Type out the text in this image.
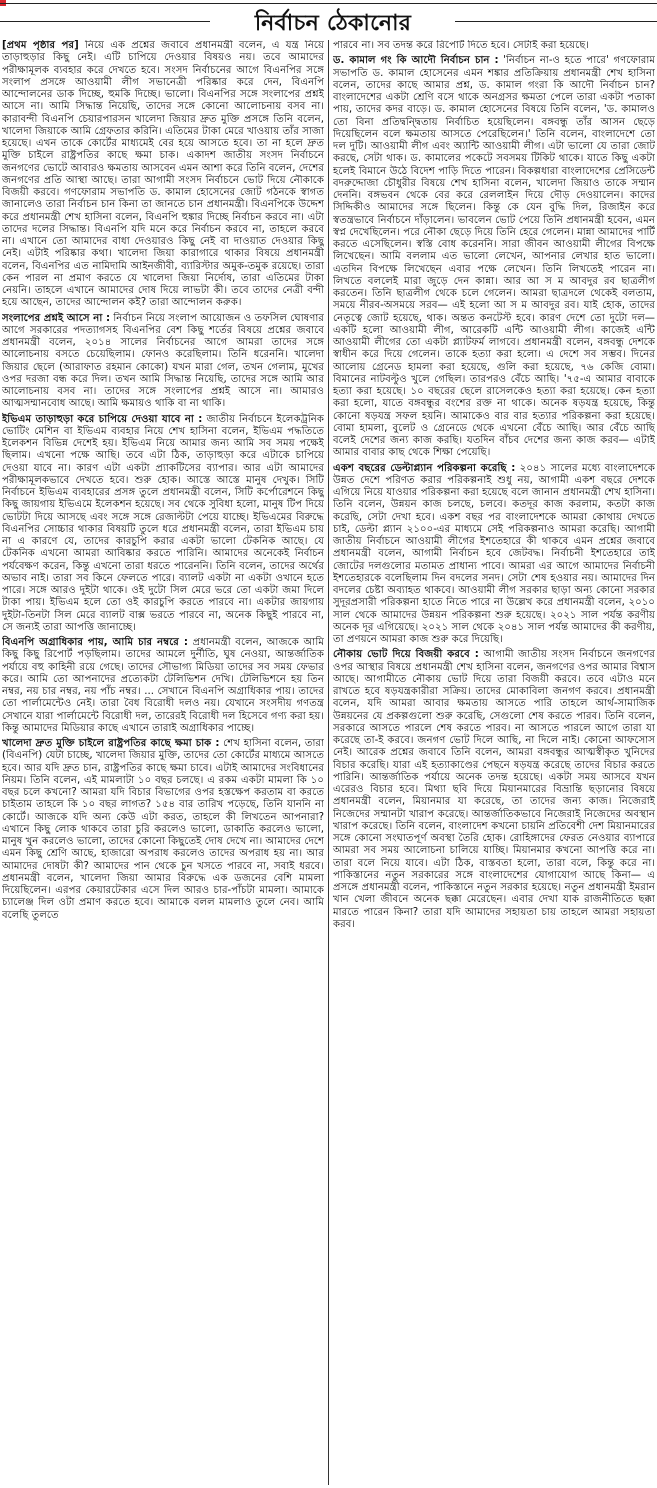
নির্বাচন ঠেকানোর

[প্রথম পৃষ্ঠার পর] নিয়ে এক প্রশ্নের জবাবে প্রধানমন্ত্রী বলেন, এ যন্ত্র নিয়ে তাড়াহুড়ার কিছু নেই। এটি চাপিয়ে দেওয়ার বিষয়ও নয়। তবে আমাদের পরীক্ষামূলক ব্যবহার করে দেখতে হবে। সংসদ নির্বাচনের আগে বিএনপির সঙ্গে সংলাপ প্রসঙ্গে আওয়ামী লীগ সভানেত্রী পরিষ্কার করে দেন, বিএনপি আন্দোলনের ডাক দিচ্ছে, হুমকি দিচ্ছে। ভালো। বিএনপির সঙ্গে সংলাপের প্রশ্নই আসে না। আমি সিদ্ধান্ত নিয়েছি, তাদের সঙ্গে কোনো আলোচনায় বসব না। কারাবন্দী বিএনপি চেয়ারপারসন খালেদা জিয়ার দ্রুত মুক্তি প্রসঙ্গে তিনি বলেন, খালেদা জিয়াকে আমি গ্রেফতার করিনি। এতিমের টাকা মেরে খাওয়ায় তাঁর সাজা হয়েছে। এখন তাকে কোর্টের মাধ্যমেই বের হয়ে আসতে হবে। তা না হলে দ্রুত মুক্তি চাইলে রাষ্ট্রপতির কাছে ক্ষমা চাক। একাদশ জাতীয় সংসদ নির্বাচনে জনগণের ভোটে আবারও ক্ষমতায় আসবেন এমন আশা করে তিনি বলেন, দেশের জনগণের প্রতি আস্থা আছে। তারা আগামী সংসদ নির্বাচনে ভোট দিয়ে নৌকাকে বিজয়ী করবে। গণফোরাম সভাপতি ড. কামাল হোসেনের জোট গঠনকে স্বাগত জানালেও তারা নির্বাচন চান কিনা তা জানতে চান প্রধানমন্ত্রী। বিএনপিকে উদ্দেশ করে প্রধানমন্ত্রী শেখ হাসিনা বলেন, বিএনপি হুঙ্কার দিচ্ছে নির্বাচন করবে না। এটা তাদের দলের সিদ্ধান্ত। বিএনপি যদি মনে করে নির্বাচন করবে না, তাহলে করবে না। এখানে তো আমাদের বাধা দেওয়ারও কিছু নেই বা দাওয়াত দেওয়ার কিছু নেই। এটাই পরিষ্কার কথা। খালেদা জিয়া কারাগারে থাকার বিষয়ে প্রধানমন্ত্রী বলেন, বিএনপির এত নামিদামি আইনজীবী, ব্যারিস্টার অমুক-তমুক রয়েছে। তারা কেন পারল না প্রমাণ করতে যে খালেদা জিয়া নির্দোষ, তারা এতিমের টাকা নেয়নি। তাহলে এখানে আমাদের দোষ দিয়ে লাভটা কী। তবে তাদের নেত্রী বন্দী হয়ে আছেন, তাদের আন্দোলন কই? তারা আন্দোলন করুক।

সংলাপের প্রশ্নই আসে না : নির্বাচন নিয়ে সংলাপ আয়োজন ও তফসিল ঘোষণার আগে সরকারের পদত্যাগসহ বিএনপির বেশ কিছু শর্তের বিষয়ে প্রশ্নের জবাবে প্রধানমন্ত্রী বলেন, ২০১৪ সালের নির্বাচনের আগে আমরা তাদের সঙ্গে আলোচনায় বসতে চেয়েছিলাম। ফোনও করেছিলাম। তিনি ধরেননি। খালেদা জিয়ার ছেলে (আরাফাত রহমান কোকো) যখন মারা গেল, তখন গেলাম, মুখের ওপর দরজা বন্ধ করে দিল। তখন আমি সিদ্ধান্ত নিয়েছি, তাদের সঙ্গে আমি আর আলোচনায় বসব না। তাদের সঙ্গে সংলাপের প্রশ্নই আসে না। আমারও আত্মসম্মানবোধ আছে। আমি ক্ষমায়ও থাকি বা না থাকি।

ইভিএম তাড়াহুড়া করে চাপিয়ে দেওয়া যাবে না : জাতীয় নির্বাচনে ইলেকট্রনিক ভোটিং মেশিন বা ইভিএম ব্যবহার নিয়ে শেখ হাসিনা বলেন, ইভিএম পদ্ধতিতে ইলেকশন বিভিন্ন দেশেই হয়। ইভিএম নিয়ে আমার জন্য আমি সব সময় পক্ষেই ছিলাম। এখনো পক্ষে আছি। তবে এটা ঠিক, তাড়াহুড়া করে এটাকে চাপিয়ে দেওয়া যাবে না। কারণ এটা একটা প্র্যাকটিসের ব্যাপার। আর এটা আমাদের পরীক্ষামূলকভাবে দেখতে হবে। শুরু হোক। আস্তে আস্তে মানুষ দেখুক। সিটি নির্বাচনে ইভিএম ব্যবহারের প্রসঙ্গ তুলে প্রধানমন্ত্রী বলেন, সিটি কর্পোরেশনে কিছু কিছু জায়গায় ইভিএমে ইলেকশন হয়েছে। সব থেকে সুবিধা হলো, মানুষ টিপ দিয়ে ভোটটা দিয়ে আসছে এবং সঙ্গে সঙ্গে রেজাল্টটা পেয়ে যাচ্ছে। ইভিএমের বিরুদ্ধে বিএনপির সোচ্চার থাকার বিষয়টি তুলে ধরে প্রধানমন্ত্রী বলেন, তারা ইভিএম চায় না এ কারণে যে, তাদের কারচুপি করার একটা ভালো টেকনিক আছে। যে টেকনিক এখনো আমরা আবিষ্কার করতে পারিনি। আমাদের অনেকেই নির্বাচন পর্যবেক্ষণ করেন, কিন্তু এখনো তারা ধরতে পারেননি। তিনি বলেন, তাদের অর্থের অভাব নাই। তারা সব কিনে ফেলতে পারে। ব্যালট একটা না একটা ওখানে হতে পারে। সঙ্গে আরও দুইটা থাকে। ওই দুটো সিল মেরে ভরে তো একটা জমা দিলে টাকা পায়। ইভিএম হলে তো ওই কারচুপি করতে পারবে না। একটার জায়গায় দুইটা-তিনটা সিল মেরে ব্যালট বাক্স ভরতে পারবে না, অনেক কিছুই পারবে না, সে জন্যই তারা আপত্তি জানাচ্ছে।

বিএনপি অগ্রাধিকার পায়, আমি চার নম্বরে : প্রধানমন্ত্রী বলেন, আজকে আমি কিছু কিছু রিপোর্ট পড়ছিলাম। তাদের আমলে দুর্নীতি, ঘুষ নেওয়া, আন্তর্জাতিক পর্যায়ে বহু কাহিনী রয়ে গেছে। তাদের সৌভাগ্য মিডিয়া তাদের সব সময় ফেভার করে। আমি তো আপনাদের প্রত্যেকটা টেলিভিশন দেখি। টেলিভিশনে হয় তিন নম্বর, নয় চার নম্বর, নয় পাঁচ নম্বর। ... সেখানে বিএনপি অগ্রাধিকার পায়। তাদের তো পার্লামেন্টেও নেই। তারা বৈধ বিরোধী দলও নয়। যেখানে সংসদীয় গণতন্ত্র সেখানে যারা পার্লামেন্টে বিরোধী দল, তারেরই বিরোধী দল হিসেবে গণ্য করা হয়। কিন্তু আমাদের মিডিয়ার কাছে এখানে তারাই অগ্রাধিকার পাচ্ছে।

খালেদা দ্রুত মুক্তি চাইলে রাষ্ট্রপতির কাছে ক্ষমা চাক : শেখ হাসিনা বলেন, তারা (বিএনপি) যেটা চাচ্ছে, খালেদা জিয়ার মুক্তি, তাদের তো কোর্টের মাধ্যমে আসতে হবে। আর যদি দ্রুত চান, রাষ্ট্রপতির কাছে ক্ষমা চাবে। এটাই আমাদের সংবিধানের নিয়ম। তিনি বলেন, এই মামলাটা ১০ বছর চলছে। এ রকম একটা মামলা কি ১০ বছর চলে কখনো? আমরা যদি বিচার বিভাগের ওপর হস্তক্ষেপ করতাম বা করতে চাইতাম তাহলে কি ১০ বছর লাগত? ১৫৪ বার তারিখ পড়েছে, তিনি যাননি না কোর্টে। আজকে যদি অন্য কেউ এটা করত, তাহলে কী লিখতেন আপনারা? এখানে কিছু লোক থাকবে তারা চুরি করলেও ভালো, ডাকাতি করলেও ভালো, মানুষ খুন করলেও ভালো, তাদের কোনো কিছুতেই দোষ দেখে না। আমাদের দেশে এমন কিছু শ্রেণি আছে, হাজারো অপরাধ করলেও তাদের অপরাধ হয় না। আর আমাদের দোষটা কী? আমাদের পান থেকে চুন খসতে পারবে না, সবাই ধরবে। প্রধানমন্ত্রী বলেন, খালেদা জিয়া আমার বিরুদ্ধে এক ডজনের বেশি মামলা দিয়েছিলেন। এরপর কেয়ারটেকার এসে দিল আরও চার-পাঁচটা মামলা। আমাকে চ্যালেঞ্জ দিল ওটা প্রমাণ করতে হবে। আমাকে বলল মামলাও তুলে নেব। আমি বলেছি তুলতে

পারবে না। সব তদন্ত করে রিপোর্ট দিতে হবে। সেটাই করা হয়েছে।

ড. কামাল গং কি আদৌ নির্বাচন চান : 'নির্বাচন না-ও হতে পারে' গণফোরাম সভাপতি ড. কামাল হোসেনের এমন শঙ্কার প্রতিক্রিয়ায় প্রধানমন্ত্রী শেখ হাসিনা বলেন, তাদের কাছে আমার প্রশ্ন, ড. কামাল গংরা কি আদৌ নির্বাচন চান? বাংলাদেশের একটা শ্রেণি বসে থাকে অনগ্রসর ক্ষমতা পেলে তারা একটা পতাকা পায়, তাদের কদর বাড়ে। ড. কামাল হোসেনের বিষয়ে তিনি বলেন, 'ড. কামালও তো বিনা প্রতিদ্বন্দ্বিতায় নির্বাচিত হয়েছিলেন। বঙ্গবন্ধু তাঁর আসন ছেড়ে দিয়েছিলেন বলে ক্ষমতায় আসতে পেরেছিলেন।' তিনি বলেন, বাংলাদেশে তো দল দুটি। আওয়ামী লীগ এবং অ্যান্টি আওয়ামী লীগ। এটা ভালো যে তারা জোট করছে, সেটা থাক। ড. কামালের পকেটে সবসময় টিকিট থাকে। যাতে কিছু একটা হলেই বিমানে উঠে বিদেশ পাড়ি দিতে পারেন। বিকল্পধারা বাংলাদেশের প্রেসিডেন্ট বদরুদ্দোজা চৌধুরীর বিষয়ে শেখ হাসিনা বলেন, খালেদা জিয়াও তাকে সম্মান দেননি। বঙ্গভবন থেকে বের করে রেললাইন দিয়ে দৌড় দেওয়ালেন। কাদের সিদ্দিকীও আমাদের সঙ্গে ছিলেন। কিন্তু কে যেন বুদ্ধি দিল, রিজাইন করে স্বতন্ত্রভাবে নির্বাচনে দাঁড়ালেন। ভাবলেন ভোট পেয়ে তিনি প্রধানমন্ত্রী হবেন, এমন স্বপ্ন দেখেছিলেন। পরে নৌকা ছেড়ে দিয়ে তিনি হেরে গেলেন। মান্না আমাদের পার্টি করতে এসেছিলেন। স্বস্তি বোধ করেননি। সারা জীবন আওয়ামী লীগের বিপক্ষে লিখেছেন। আমি বললাম এত ভালো লেখেন, আপনার লেখার হাত ভালো। এতদিন বিপক্ষে লিখেছেন এবার পক্ষে লেখেন। তিনি লিখতেই পারেন না। লিখতে বললেই মারা জুড়ে দেন কান্না। আর আ স ম আবদুর রব ছাত্রলীগ করতেন। তিনি ছাত্রলীগ থেকে চলে গেলেন। আমরা ছাত্রদলে থেকেই বলতাম, সময়ে নীরব-অসময়ে সরব— এই হলো আ স ম আবদুর রব। যাই হোক, তাদের নেতৃত্বে জোট হয়েছে, থাক। অন্তত কনটেস্ট হবে। কারণ দেশে তো দুটো দল— একটি হলো আওয়ামী লীগ, আরেকটি এন্টি আওয়ামী লীগ। কাজেই এন্টি আওয়ামী লীগের তো একটা প্ল্যাটফর্ম লাগবে। প্রধানমন্ত্রী বলেন, বঙ্গবন্ধু দেশকে স্বাধীন করে দিয়ে গেলেন। তাকে হত্যা করা হলো। এ দেশে সব সম্ভব। দিনের আলোয় গ্রেনেড হামলা করা হয়েছে, গুলি করা হয়েছে, ৭৬ কেজি বোমা। বিমানের নাটবল্টুও খুলে গেছিল। তারপরও বেঁচে আছি। '৭৫-এ আমার বাবাকে হত্যা করা হয়েছে। ১০ বছরের ছেলে রাসেলকেও হত্যা করা হয়েছে। কেন হত্যা করা হলো, যাতে বঙ্গবন্ধুর বংশের রক্ত না থাকে। অনেক ষড়যন্ত্র হয়েছে, কিন্তু কোনো ষড়যন্ত্র সফল হয়নি। আমাকেও বার বার হত্যার পরিকল্পনা করা হয়েছে। বোমা হামলা, বুলেট ও গ্রেনেডে থেকে এখনো বেঁচে আছি। আর বেঁচে আছি বলেই দেশের জন্য কাজ করছি। যতদিন বাঁচব দেশের জন্য কাজ করব— এটাই আমার বাবার কাছ থেকে শিক্ষা পেয়েছি।

একশ বছরের ডেল্টাপ্ল্যান পরিকল্পনা করেছি : ২০৪১ সালের মধ্যে বাংলাদেশকে উন্নত দেশে পরিণত করার পরিকল্পনাই শুধু নয়, আগামী একশ বছরে দেশকে এগিয়ে নিয়ে যাওয়ার পরিকল্পনা করা হয়েছে বলে জানান প্রধানমন্ত্রী শেখ হাসিনা। তিনি বলেন, উন্নয়ন কাজ চলছে, চলবে। কতদূর কাজ করলাম, কতটা কাজ করেছি, সেটা দেখা হবে। একশ বছর পর বাংলাদেশকে আমরা কোথায় দেখতে চাই, ডেল্টা প্ল্যান ২১০০-এর মাধ্যমে সেই পরিকল্পনাও আমরা করেছি। আগামী জাতীয় নির্বাচনে আওয়ামী লীগের ইশতেহারে কী থাকবে এমন প্রশ্নের জবাবে প্রধানমন্ত্রী বলেন, আগামী নির্বাচন হবে জেটবদ্ধ। নির্বাচনী ইশতেহারে তাই জোটের দলগুলোর মতামত প্রাধান্য পাবে। আমরা এর আগে আমাদের নির্বাচনী ইশতেহারকে বলেছিলাম দিন বদলের সনদ। সেটা শেষ হওয়ার নয়। আমাদের দিন বদলের চেষ্টা অব্যাহত থাকবে। আওয়ামী লীগ সরকার ছাড়া অন্য কোনো সরকার সুদূরপ্রসারী পরিকল্পনা হাতে নিতে পারে না উল্লেখ করে প্রধানমন্ত্রী বলেন, ২০১০ সাল থেকে আমাদের উন্নয়ন পরিকল্পনা শুরু হয়েছে। ২০২১ সাল পর্যন্ত করণীয় অনেক দূর এগিয়েছে। ২০২১ সাল থেকে ২০৪১ সাল পর্যন্ত আমাদের কী করণীয়, তা প্রণয়নে আমরা কাজ শুরু করে দিয়েছি।

নৌকায় ভোট দিয়ে বিজয়ী করবে : আগামী জাতীয় সংসদ নির্বাচনে জনগণের ওপর আস্থার বিষয়ে প্রধানমন্ত্রী শেখ হাসিনা বলেন, জনগণের ওপর আমার বিশ্বাস আছে। আগামীতে নৌকায় ভোট দিয়ে তারা বিজয়ী করবে। তবে এটাও মনে রাখতে হবে ষড়যন্ত্রকারীরা সক্রিয়। তাদের মোকাবিলা জনগণ করবে। প্রধানমন্ত্রী বলেন, যদি আমরা আবার ক্ষমতায় আসতে পারি তাহলে আর্থ-সামাজিক উন্নয়নের যে প্রকল্পগুলো শুরু করেছি, সেগুলো শেষ করতে পারব। তিনি বলেন, সরকারে আসতে পারলে শেষ করতে পারব। না আসতে পারলে আগে তারা যা করেছে তা-ই করবে। জনগণ ভোট দিলে আছি, না দিলে নাই। কোনো আফসোস নেই। আরেক প্রশ্নের জবাবে তিনি বলেন, আমরা বঙ্গবন্ধুর আত্মস্বীকৃত খুনিদের বিচার করেছি। যারা এই হত্যাকাণ্ডের পেছনে ষড়যন্ত্র করেছে তাদের বিচার করতে পারিনি। আন্তর্জাতিক পর্যায়ে অনেক তদন্ত হয়েছে। একটা সময় আসবে যখন এরেরও বিচার হবে। মিথ্যা ছবি দিয়ে মিয়ানমারের বিভ্রান্তি ছড়ানোর বিষয়ে প্রধানমন্ত্রী বলেন, মিয়ানমার যা করেছে, তা তাদের জন্য কাজ। নিজেরাই নিজেদের সম্মানটা খারাপ করেছে। আন্তর্জাতিকভাবে নিজেরাই নিজেদের অবস্থান খারাপ করেছে। তিনি বলেন, বাংলাদেশ কখনো চায়নি প্রতিবেশী দেশ মিয়ানমারের সঙ্গে কোনো সংঘাতপূর্ণ অবস্থা তৈরি হোক। রোহিঙ্গাদের ফেরত নেওয়ার ব্যাপারে আমরা সব সময় আলোচনা চালিয়ে যাচ্ছি। মিয়ানমার কখনো আপত্তি করে না। তারা বলে নিয়ে যাবে। এটা ঠিক, বাস্তবতা হলো, তারা বলে, কিন্তু করে না। পাকিস্তানের নতুন সরকারের সঙ্গে বাংলাদেশের যোগাযোগ আছে কিনা— এ প্রসঙ্গে প্রধানমন্ত্রী বলেন, পাকিস্তানে নতুন সরকার হয়েছে। নতুন প্রধানমন্ত্রী ইমরান খান খেলা জীবনে অনেক ছক্কা মেরেছেন। এবার দেখা যাক রাজনীতিতে ছক্কা মারতে পারেন কিনা? তারা যদি আমাদের সহায়তা চায় তাহলে আমরা সহায়তা করব।
